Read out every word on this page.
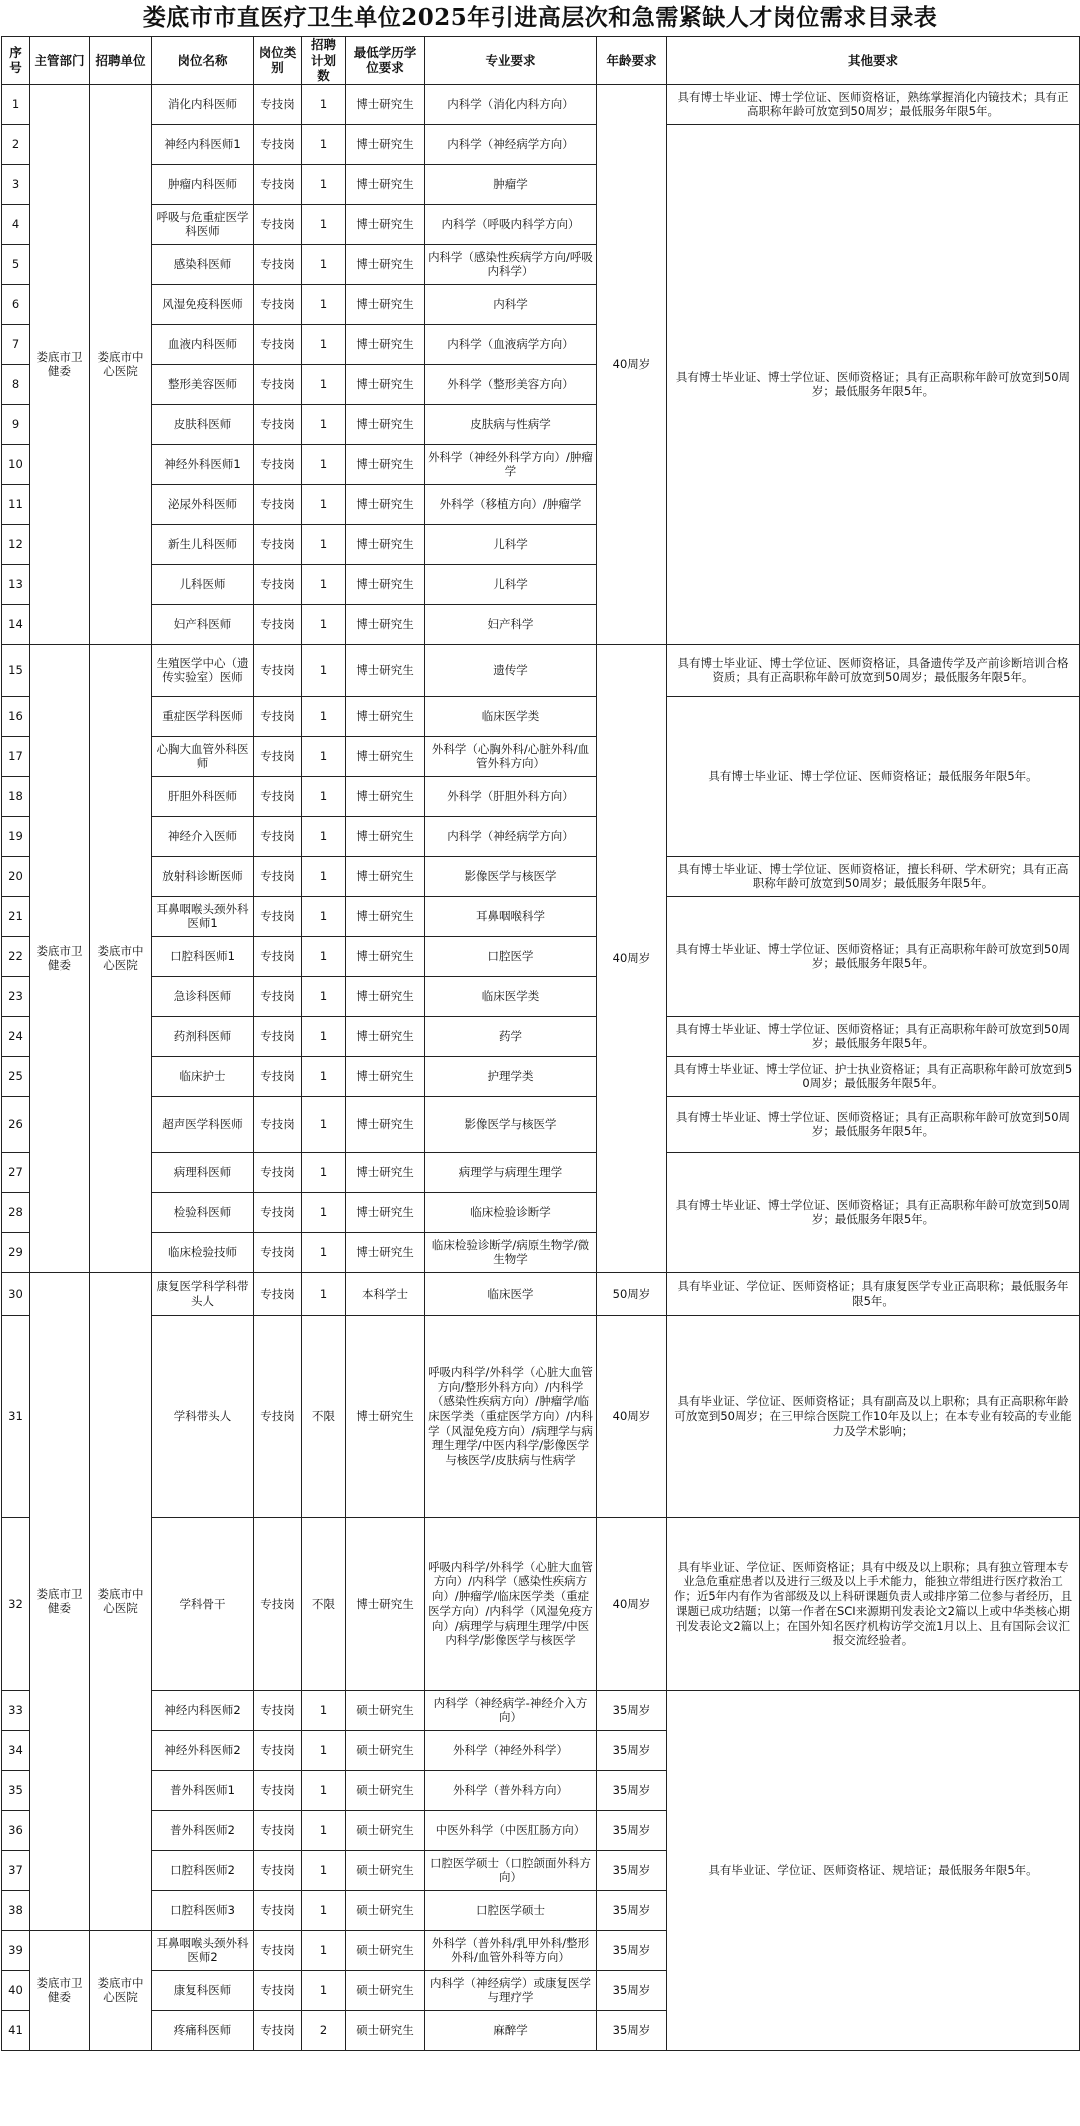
娄底市市直医疗卫生单位2025年引进高层次和急需紧缺人才岗位需求目录表
序号	主管部门	招聘单位	岗位名称	岗位类别	招聘计划数	最低学历学位要求	专业要求	年龄要求	其他要求
1	娄底市卫健委	娄底市中心医院	消化内科医师	专技岗	1	博士研究生	内科学（消化内科方向）	40周岁	具有博士毕业证、博士学位证、医师资格证，熟练掌握消化内镜技术；具有正高职称年龄可放宽到50周岁；最低服务年限5年。
2			神经内科医师1	专技岗	1	博士研究生	内科学（神经病学方向）		具有博士毕业证、博士学位证、医师资格证；具有正高职称年龄可放宽到50周岁；最低服务年限5年。
3			肿瘤内科医师	专技岗	1	博士研究生	肿瘤学		
4			呼吸与危重症医学科医师	专技岗	1	博士研究生	内科学（呼吸内科学方向）		
5			感染科医师	专技岗	1	博士研究生	内科学（感染性疾病学方向/呼吸内科学）		
6			风湿免疫科医师	专技岗	1	博士研究生	内科学		
7			血液内科医师	专技岗	1	博士研究生	内科学（血液病学方向）		
8			整形美容医师	专技岗	1	博士研究生	外科学（整形美容方向）		
9			皮肤科医师	专技岗	1	博士研究生	皮肤病与性病学		
10			神经外科医师1	专技岗	1	博士研究生	外科学（神经外科学方向）/肿瘤学		
11			泌尿外科医师	专技岗	1	博士研究生	外科学（移植方向）/肿瘤学		
12			新生儿科医师	专技岗	1	博士研究生	儿科学		
13			儿科医师	专技岗	1	博士研究生	儿科学		
14			妇产科医师	专技岗	1	博士研究生	妇产科学		
15	娄底市卫健委	娄底市中心医院	生殖医学中心（遗传实验室）医师	专技岗	1	博士研究生	遗传学	40周岁	具有博士毕业证、博士学位证、医师资格证，具备遗传学及产前诊断培训合格资质；具有正高职称年龄可放宽到50周岁；最低服务年限5年。
16			重症医学科医师	专技岗	1	博士研究生	临床医学类		具有博士毕业证、博士学位证、医师资格证；最低服务年限5年。
17			心胸大血管外科医师	专技岗	1	博士研究生	外科学（心胸外科/心脏外科/血管外科方向）		
18			肝胆外科医师	专技岗	1	博士研究生	外科学（肝胆外科方向）		
19			神经介入医师	专技岗	1	博士研究生	内科学（神经病学方向）		
20			放射科诊断医师	专技岗	1	博士研究生	影像医学与核医学		具有博士毕业证、博士学位证、医师资格证，擅长科研、学术研究；具有正高职称年龄可放宽到50周岁；最低服务年限5年。
21			耳鼻咽喉头颈外科医师1	专技岗	1	博士研究生	耳鼻咽喉科学		具有博士毕业证、博士学位证、医师资格证；具有正高职称年龄可放宽到50周岁；最低服务年限5年。
22			口腔科医师1	专技岗	1	博士研究生	口腔医学		
23			急诊科医师	专技岗	1	博士研究生	临床医学类		
24			药剂科医师	专技岗	1	博士研究生	药学		具有博士毕业证、博士学位证、医师资格证；具有正高职称年龄可放宽到50周岁；最低服务年限5年。
25			临床护士	专技岗	1	博士研究生	护理学类		具有博士毕业证、博士学位证、护士执业资格证；具有正高职称年龄可放宽到50周岁；最低服务年限5年。
26			超声医学科医师	专技岗	1	博士研究生	影像医学与核医学		具有博士毕业证、博士学位证、医师资格证；具有正高职称年龄可放宽到50周岁；最低服务年限5年。
27			病理科医师	专技岗	1	博士研究生	病理学与病理生理学		具有博士毕业证、博士学位证、医师资格证；具有正高职称年龄可放宽到50周岁；最低服务年限5年。
28			检验科医师	专技岗	1	博士研究生	临床检验诊断学		
29			临床检验技师	专技岗	1	博士研究生	临床检验诊断学/病原生物学/微生物学		
30	娄底市卫健委	娄底市中心医院	康复医学科学科带头人	专技岗	1	本科学士	临床医学	50周岁	具有毕业证、学位证、医师资格证；具有康复医学专业正高职称；最低服务年限5年。
31			学科带头人	专技岗	不限	博士研究生	呼吸内科学/外科学（心脏大血管方向/整形外科方向）/内科学（感染性疾病方向）/肿瘤学/临床医学类（重症医学方向）/内科学（风湿免疫方向）/病理学与病理生理学/中医内科学/影像医学与核医学/皮肤病与性病学	40周岁	具有毕业证、学位证、医师资格证；具有副高及以上职称；具有正高职称年龄可放宽到50周岁；在三甲综合医院工作10年及以上；在本专业有较高的专业能力及学术影响；
32			学科骨干	专技岗	不限	博士研究生	呼吸内科学/外科学（心脏大血管方向）/内科学（感染性疾病方向）/肿瘤学/临床医学类（重症医学方向）/内科学（风湿免疫方向）/病理学与病理生理学/中医内科学/影像医学与核医学	40周岁	具有毕业证、学位证、医师资格证；具有中级及以上职称；具有独立管理本专业急危重症患者以及进行三级及以上手术能力，能独立带组进行医疗救治工作；近5年内有作为省部级及以上科研课题负责人或排序第二位参与者经历，且课题已成功结题；以第一作者在SCI来源期刊发表论文2篇以上或中华类核心期刊发表论文2篇以上；在国外知名医疗机构访学交流1月以上、且有国际会议汇报交流经验者。
33			神经内科医师2	专技岗	1	硕士研究生	内科学（神经病学-神经介入方向）	35周岁	具有毕业证、学位证、医师资格证、规培证；最低服务年限5年。
34			神经外科医师2	专技岗	1	硕士研究生	外科学（神经外科学）	35周岁	
35			普外科医师1	专技岗	1	硕士研究生	外科学（普外科方向）	35周岁	
36			普外科医师2	专技岗	1	硕士研究生	中医外科学（中医肛肠方向）	35周岁	
37			口腔科医师2	专技岗	1	硕士研究生	口腔医学硕士（口腔颌面外科方向）	35周岁	
38			口腔科医师3	专技岗	1	硕士研究生	口腔医学硕士	35周岁	
39	娄底市卫健委	娄底市中心医院	耳鼻咽喉头颈外科医师2	专技岗	1	硕士研究生	外科学（普外科/乳甲外科/整形外科/血管外科等方向）	35周岁	
40			康复科医师	专技岗	1	硕士研究生	内科学（神经病学）或康复医学与理疗学	35周岁	
41			疼痛科医师	专技岗	2	硕士研究生	麻醉学	35周岁	
